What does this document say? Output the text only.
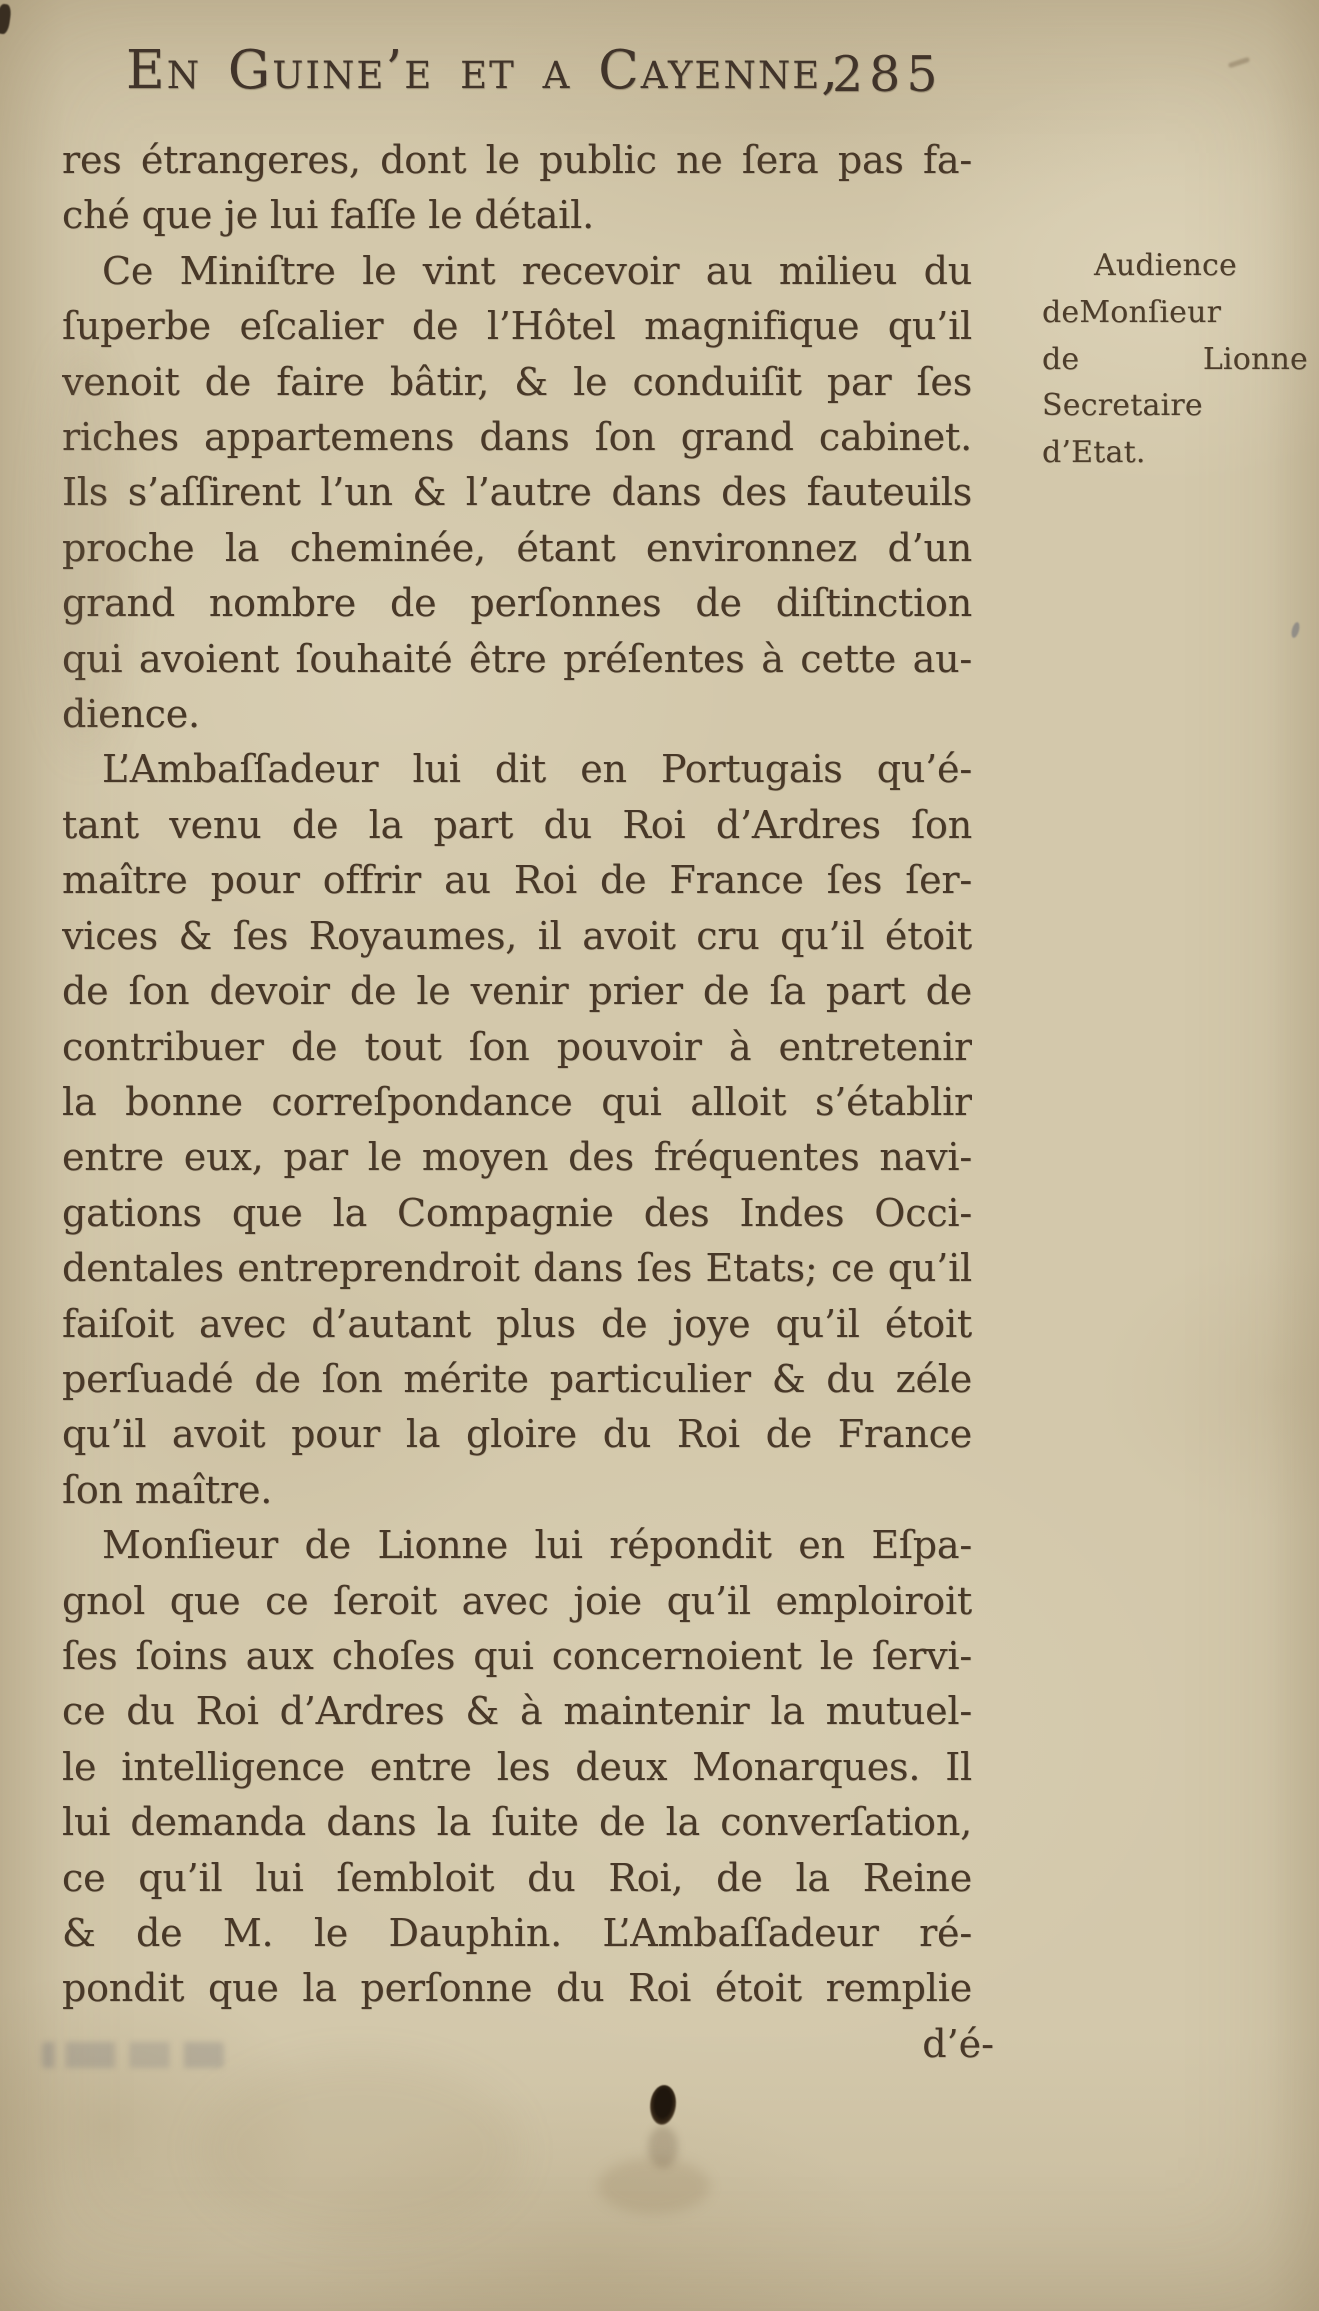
En Guine’e et a Cayenne,
285
res étrangeres, dont le public ne ſera pas fa-
ché que je lui faſſe le détail.
Ce Miniſtre le vint recevoir au milieu du
ſuperbe eſcalier de l’Hôtel magnifique qu’il
venoit de faire bâtir, & le conduiſit par ſes
riches appartemens dans ſon grand cabinet.
Ils s’aſſirent l’un & l’autre dans des fauteuils
proche la cheminée, étant environnez d’un
grand nombre de perſonnes de diſtinction
qui avoient ſouhaité être préſentes à cette au-
dience.
L’Ambaſſadeur lui dit en Portugais qu’é-
tant venu de la part du Roi d’Ardres ſon
maître pour offrir au Roi de France ſes ſer-
vices & ſes Royaumes, il avoit cru qu’il étoit
de ſon devoir de le venir prier de ſa part de
contribuer de tout ſon pouvoir à entretenir
la bonne correſpondance qui alloit s’établir
entre eux, par le moyen des fréquentes navi-
gations que la Compagnie des Indes Occi-
dentales entreprendroit dans ſes Etats; ce qu’il
faiſoit avec d’autant plus de joye qu’il étoit
perſuadé de ſon mérite particulier & du zéle
qu’il avoit pour la gloire du Roi de France
ſon maître.
Monſieur de Lionne lui répondit en Eſpa-
gnol que ce ſeroit avec joie qu’il emploiroit
ſes ſoins aux choſes qui concernoient le ſervi-
ce du Roi d’Ardres & à maintenir la mutuel-
le intelligence entre les deux Monarques. Il
lui demanda dans la ſuite de la converſation,
ce qu’il lui ſembloit du Roi, de la Reine
& de M. le Dauphin. L’Ambaſſadeur ré-
pondit que la perſonne du Roi étoit remplie
Audience
deMonſieur
de Lionne
Secretaire
d’Etat.
d’é-
